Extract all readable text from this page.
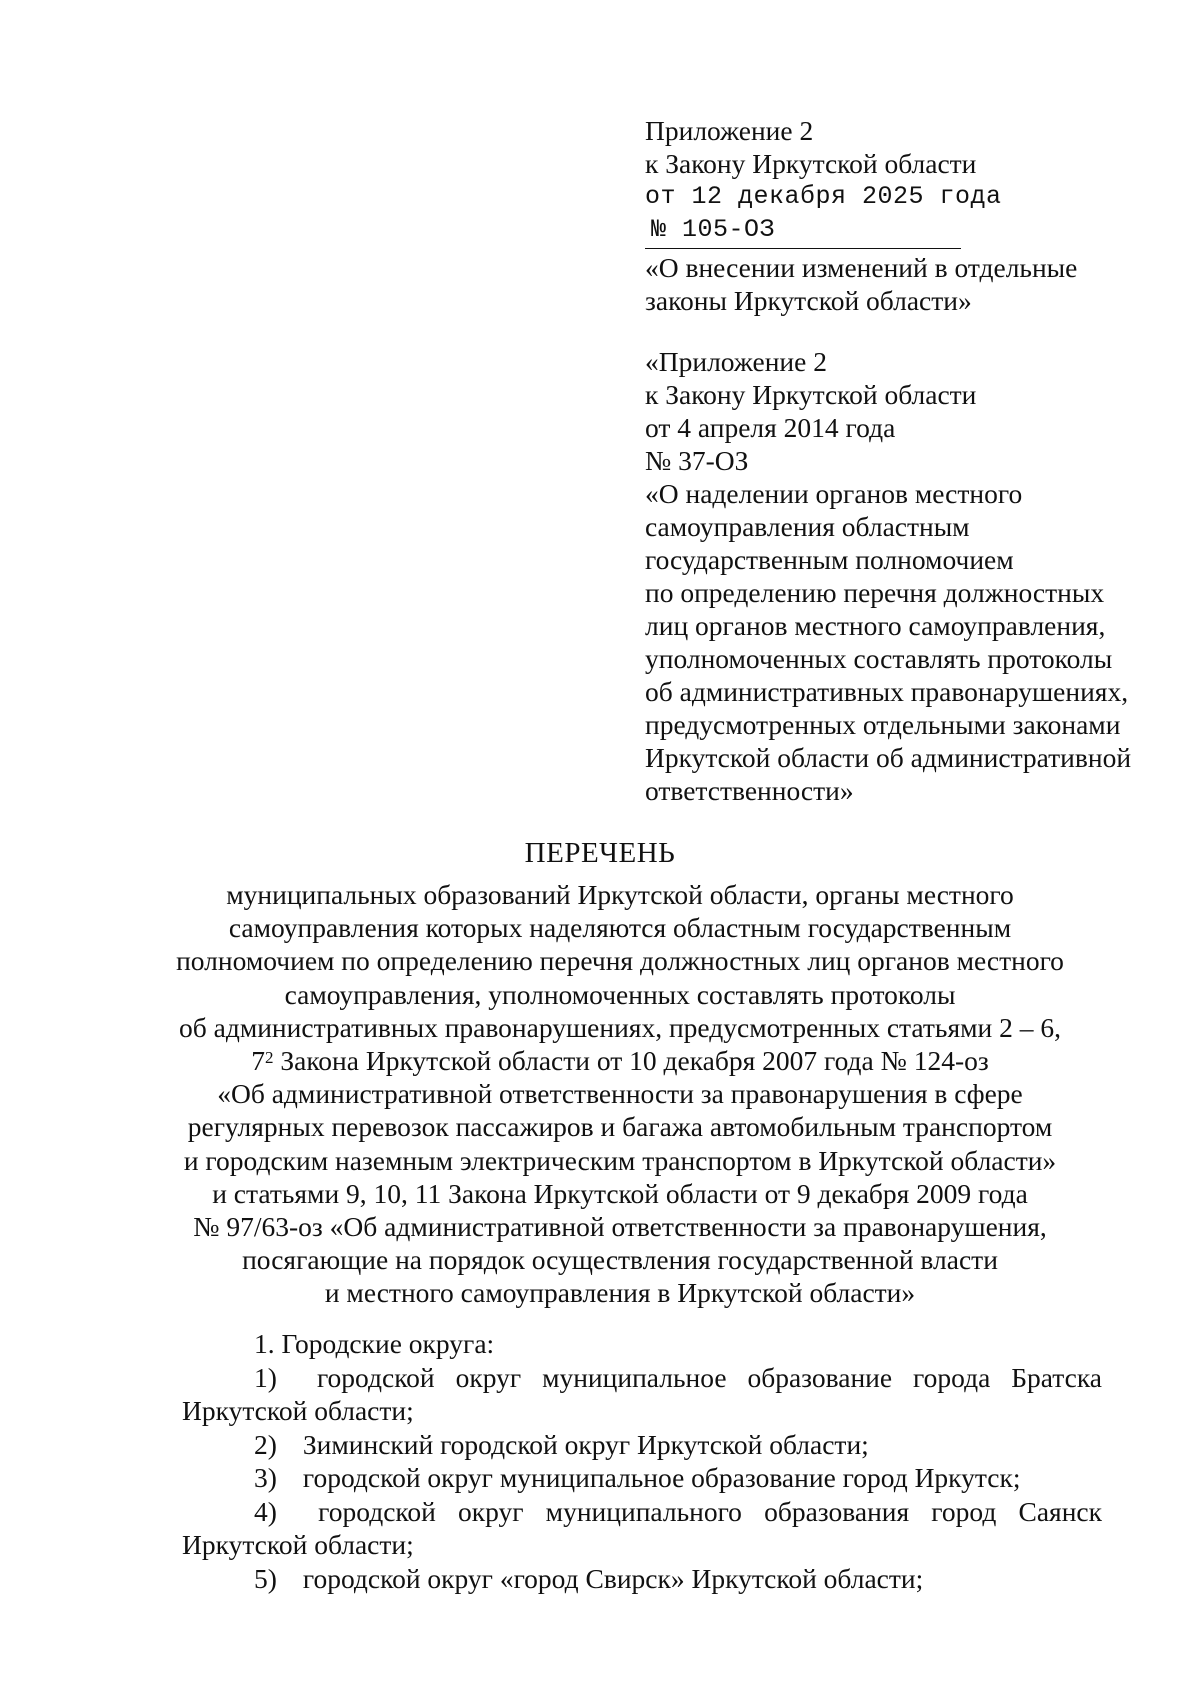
Приложение 2
к Закону Иркутской области
от 12 декабря 2025 года
№ 105-ОЗ
«О внесении изменений в отдельные
законы Иркутской области»
«Приложение 2
к Закону Иркутской области
от 4 апреля 2014 года
№ 37-ОЗ
«О наделении органов местного
самоуправления областным
государственным полномочием
по определению перечня должностных
лиц органов местного самоуправления,
уполномоченных составлять протоколы
об административных правонарушениях,
предусмотренных отдельными законами
Иркутской области об административной
ответственности»
ПЕРЕЧЕНЬ
муниципальных образований Иркутской области, органы местного
самоуправления которых наделяются областным государственным
полномочием по определению перечня должностных лиц органов местного
самоуправления, уполномоченных составлять протоколы
об административных правонарушениях, предусмотренных статьями 2 – 6,
$7^2$ Закона Иркутской области от 10 декабря 2007 года № 124-оз
«Об административной ответственности за правонарушения в сфере
регулярных перевозок пассажиров и багажа автомобильным транспортом
и городским наземным электрическим транспортом в Иркутской области»
и статьями 9, 10, 11 Закона Иркутской области от 9 декабря 2009 года
№ 97/63-оз «Об административной ответственности за правонарушения,
посягающие на порядок осуществления государственной власти
и местного самоуправления в Иркутской области»
1. Городские округа:
1) городской округ муниципальное образование города Братска
Иркутской области;
2) Зиминский городской округ Иркутской области;
3) городской округ муниципальное образование город Иркутск;
4) городской округ муниципального образования город Саянск
Иркутской области;
5) городской округ «город Свирск» Иркутской области;
